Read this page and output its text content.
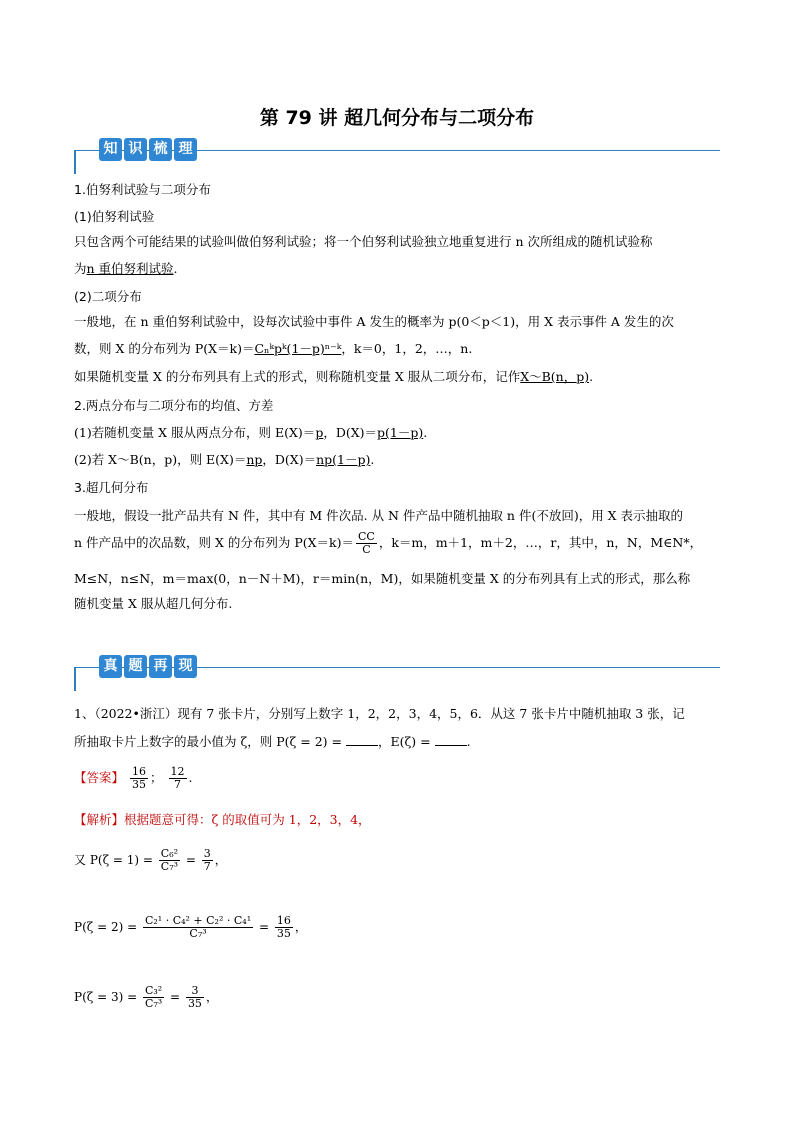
第 79 讲 超几何分布与二项分布
知 识 梳 理
1.伯努利试验与二项分布
(1)伯努利试验
只包含两个可能结果的试验叫做伯努利试验；将一个伯努利试验独立地重复进行 n 次所组成的随机试验称
为n 重伯努利试验.
(2)二项分布
一般地，在 n 重伯努利试验中，设每次试验中事件 A 发生的概率为 p(0＜p＜1)，用 X 表示事件 A 发生的次
数，则 X 的分布列为 P(X＝k)＝Cₙᵏpᵏ(1－p)ⁿ⁻ᵏ，k＝0，1，2，…，n.
如果随机变量 X 的分布列具有上式的形式，则称随机变量 X 服从二项分布，记作X～B(n，p).
2.两点分布与二项分布的均值、方差
(1)若随机变量 X 服从两点分布，则 E(X)＝p，D(X)＝p(1－p).
(2)若 X～B(n，p)，则 E(X)＝np，D(X)＝np(1－p).
3.超几何分布
一般地，假设一批产品共有 N 件，其中有 M 件次品. 从 N 件产品中随机抽取 n 件(不放回)，用 X 表示抽取的
n 件产品中的次品数，则 X 的分布列为 $P(X=k)= \frac{CC}{C}$ ，k＝m，m＋1，m＋2，…，r，其中，n，N，M∈N*，
M≤N，n≤N，m＝max(0，n－N＋M)，r＝min(n，M)，如果随机变量 X 的分布列具有上式的形式，那么称
随机变量 X 服从超几何分布.
真 题 再 现
1、（2022•浙江）现有 7 张卡片，分别写上数字 1，2，2，3，4，5，6．从这 7 张卡片中随机抽取 3 张，记
所抽取卡片上数字的最小值为 ζ，则 P(ζ = 2) =	，E(ζ) =	.
【答案】 $\frac{16}{35}$ ； $\frac{12}{7}$ .
【解析】根据题意可得：ζ 的取值可为 1，2，3，4，
又 $P(\zeta = 1) = \frac{\text{C₆²}}{\text{C₇³}} = \frac{3}{7}$ ，
$P(\zeta = 2) = \frac{\text{C₂¹ · C₄² + C₂² · C₄¹}}{\text{C₇³}} = \frac{16}{35}$ ，
$P(\zeta = 3) = \frac{\text{C₃²}}{\text{C₇³}} = \frac{3}{35}$ ，
